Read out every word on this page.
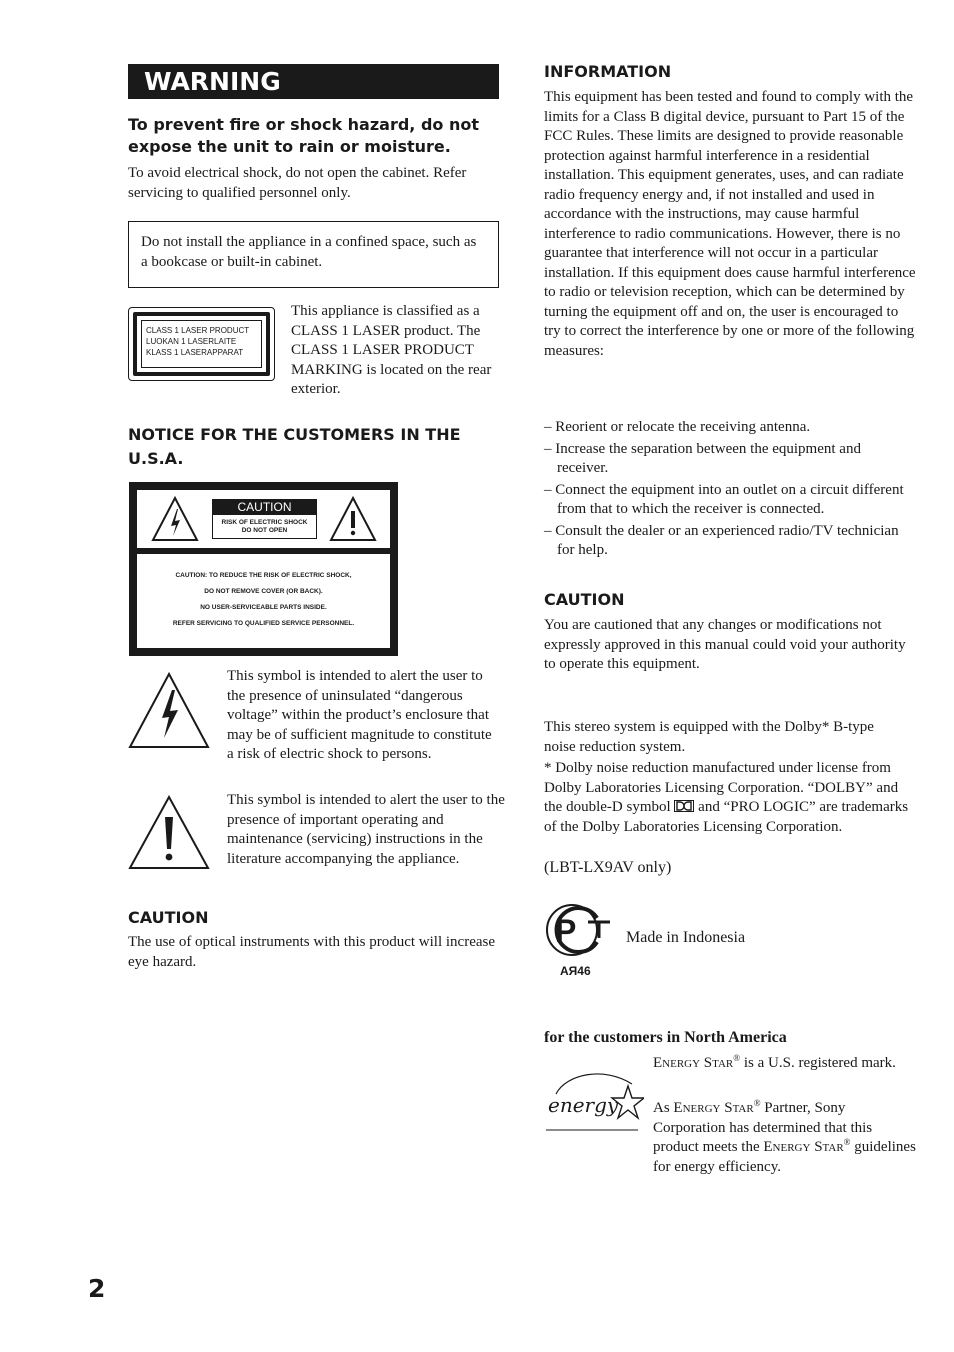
WARNING
To prevent fire or shock hazard, do not expose the unit to rain or moisture.
To avoid electrical shock, do not open the cabinet. Refer servicing to qualified personnel only.
Do not install the appliance in a confined space, such as a bookcase or built-in cabinet.
CLASS 1 LASER PRODUCT
LUOKAN 1 LASERLAITE
KLASS 1 LASERAPPARAT
This appliance is classified as a CLASS 1 LASER product. The CLASS 1 LASER PRODUCT MARKING is located on the rear exterior.
NOTICE FOR THE CUSTOMERS IN THE U.S.A.
CAUTION
RISK OF ELECTRIC SHOCK
DO NOT OPEN
CAUTION: TO REDUCE THE RISK OF ELECTRIC SHOCK,
DO NOT REMOVE COVER (OR BACK).
NO USER-SERVICEABLE PARTS INSIDE.
REFER SERVICING TO QUALIFIED SERVICE PERSONNEL.
This symbol is intended to alert the user to the presence of uninsulated “dangerous voltage” within the product’s enclosure that may be of sufficient magnitude to constitute a risk of electric shock to persons.
This symbol is intended to alert the user to the presence of important operating and maintenance (servicing) instructions in the literature accompanying the appliance.
CAUTION
The use of optical instruments with this product will increase eye hazard.
INFORMATION
This equipment has been tested and found to comply with the limits for a Class B digital device, pursuant to Part 15 of the FCC Rules. These limits are designed to provide reasonable protection against harmful interference in a residential installation. This equipment generates, uses, and can radiate radio frequency energy and, if not installed and used in accordance with the instructions, may cause harmful interference to radio communications. However, there is no guarantee that interference will not occur in a particular installation. If this equipment does cause harmful interference to radio or television reception, which can be determined by turning the equipment off and on, the user is encouraged to try to correct the interference by one or more of the following measures:
– Reorient or relocate the receiving antenna.
– Increase the separation between the equipment and receiver.
– Connect the equipment into an outlet on a circuit different from that to which the receiver is connected.
– Consult the dealer or an experienced radio/TV technician for help.
CAUTION
You are cautioned that any changes or modifications not expressly approved in this manual could void your authority to operate this equipment.
This stereo system is equipped with the Dolby* B-type noise reduction system.
* Dolby noise reduction manufactured under license from Dolby Laboratories Licensing Corporation. “DOLBY” and the double-D symbol and “PRO LOGIC” are trademarks of the Dolby Laboratories Licensing Corporation.
(LBT-LX9AV only)
P
АЯ46
Made in Indonesia
for the customers in North America
energy
Energy Star® is a U.S. registered mark.
As Energy Star® Partner, Sony Corporation has determined that this product meets the Energy Star® guidelines for energy efficiency.
2
